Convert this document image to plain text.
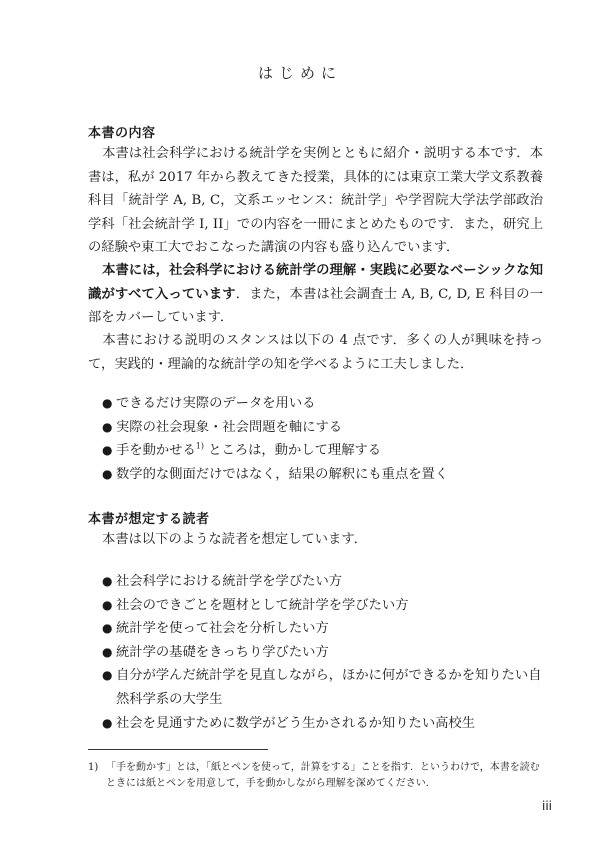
はじめに
本書の内容
本書は社会科学における統計学を実例とともに紹介・説明する本です．本書は，私が 2017 年から教えてきた授業，具体的には東京工業大学文系教養科目「統計学 A, B, C，文系エッセンス：統計学」や学習院大学法学部政治学科「社会統計学 I, II」での内容を一冊にまとめたものです．また，研究上の経験や東工大でおこなった講演の内容も盛り込んでいます．
本書には，社会科学における統計学の理解・実践に必要なベーシックな知識がすべて入っています．また，本書は社会調査士 A, B, C, D, E 科目の一部をカバーしています．
本書における説明のスタンスは以下の 4 点です．多くの人が興味を持って，実践的・理論的な統計学の知を学べるように工夫しました．
● できるだけ実際のデータを用いる
● 実際の社会現象・社会問題を軸にする
● 手を動かせる$^{1)}$ ところは，動かして理解する
● 数学的な側面だけではなく，結果の解釈にも重点を置く
本書が想定する読者
本書は以下のような読者を想定しています．
● 社会科学における統計学を学びたい方
● 社会のできごとを題材として統計学を学びたい方
● 統計学を使って社会を分析したい方
● 統計学の基礎をきっちり学びたい方
● 自分が学んだ統計学を見直しながら，ほかに何ができるかを知りたい自然科学系の大学生
● 社会を見通すために数学がどう生かされるか知りたい高校生
1) 「手を動かす」とは，「紙とペンを使って，計算をする」ことを指す．というわけで，本書を読むときには紙とペンを用意して，手を動かしながら理解を深めてください．
iii
